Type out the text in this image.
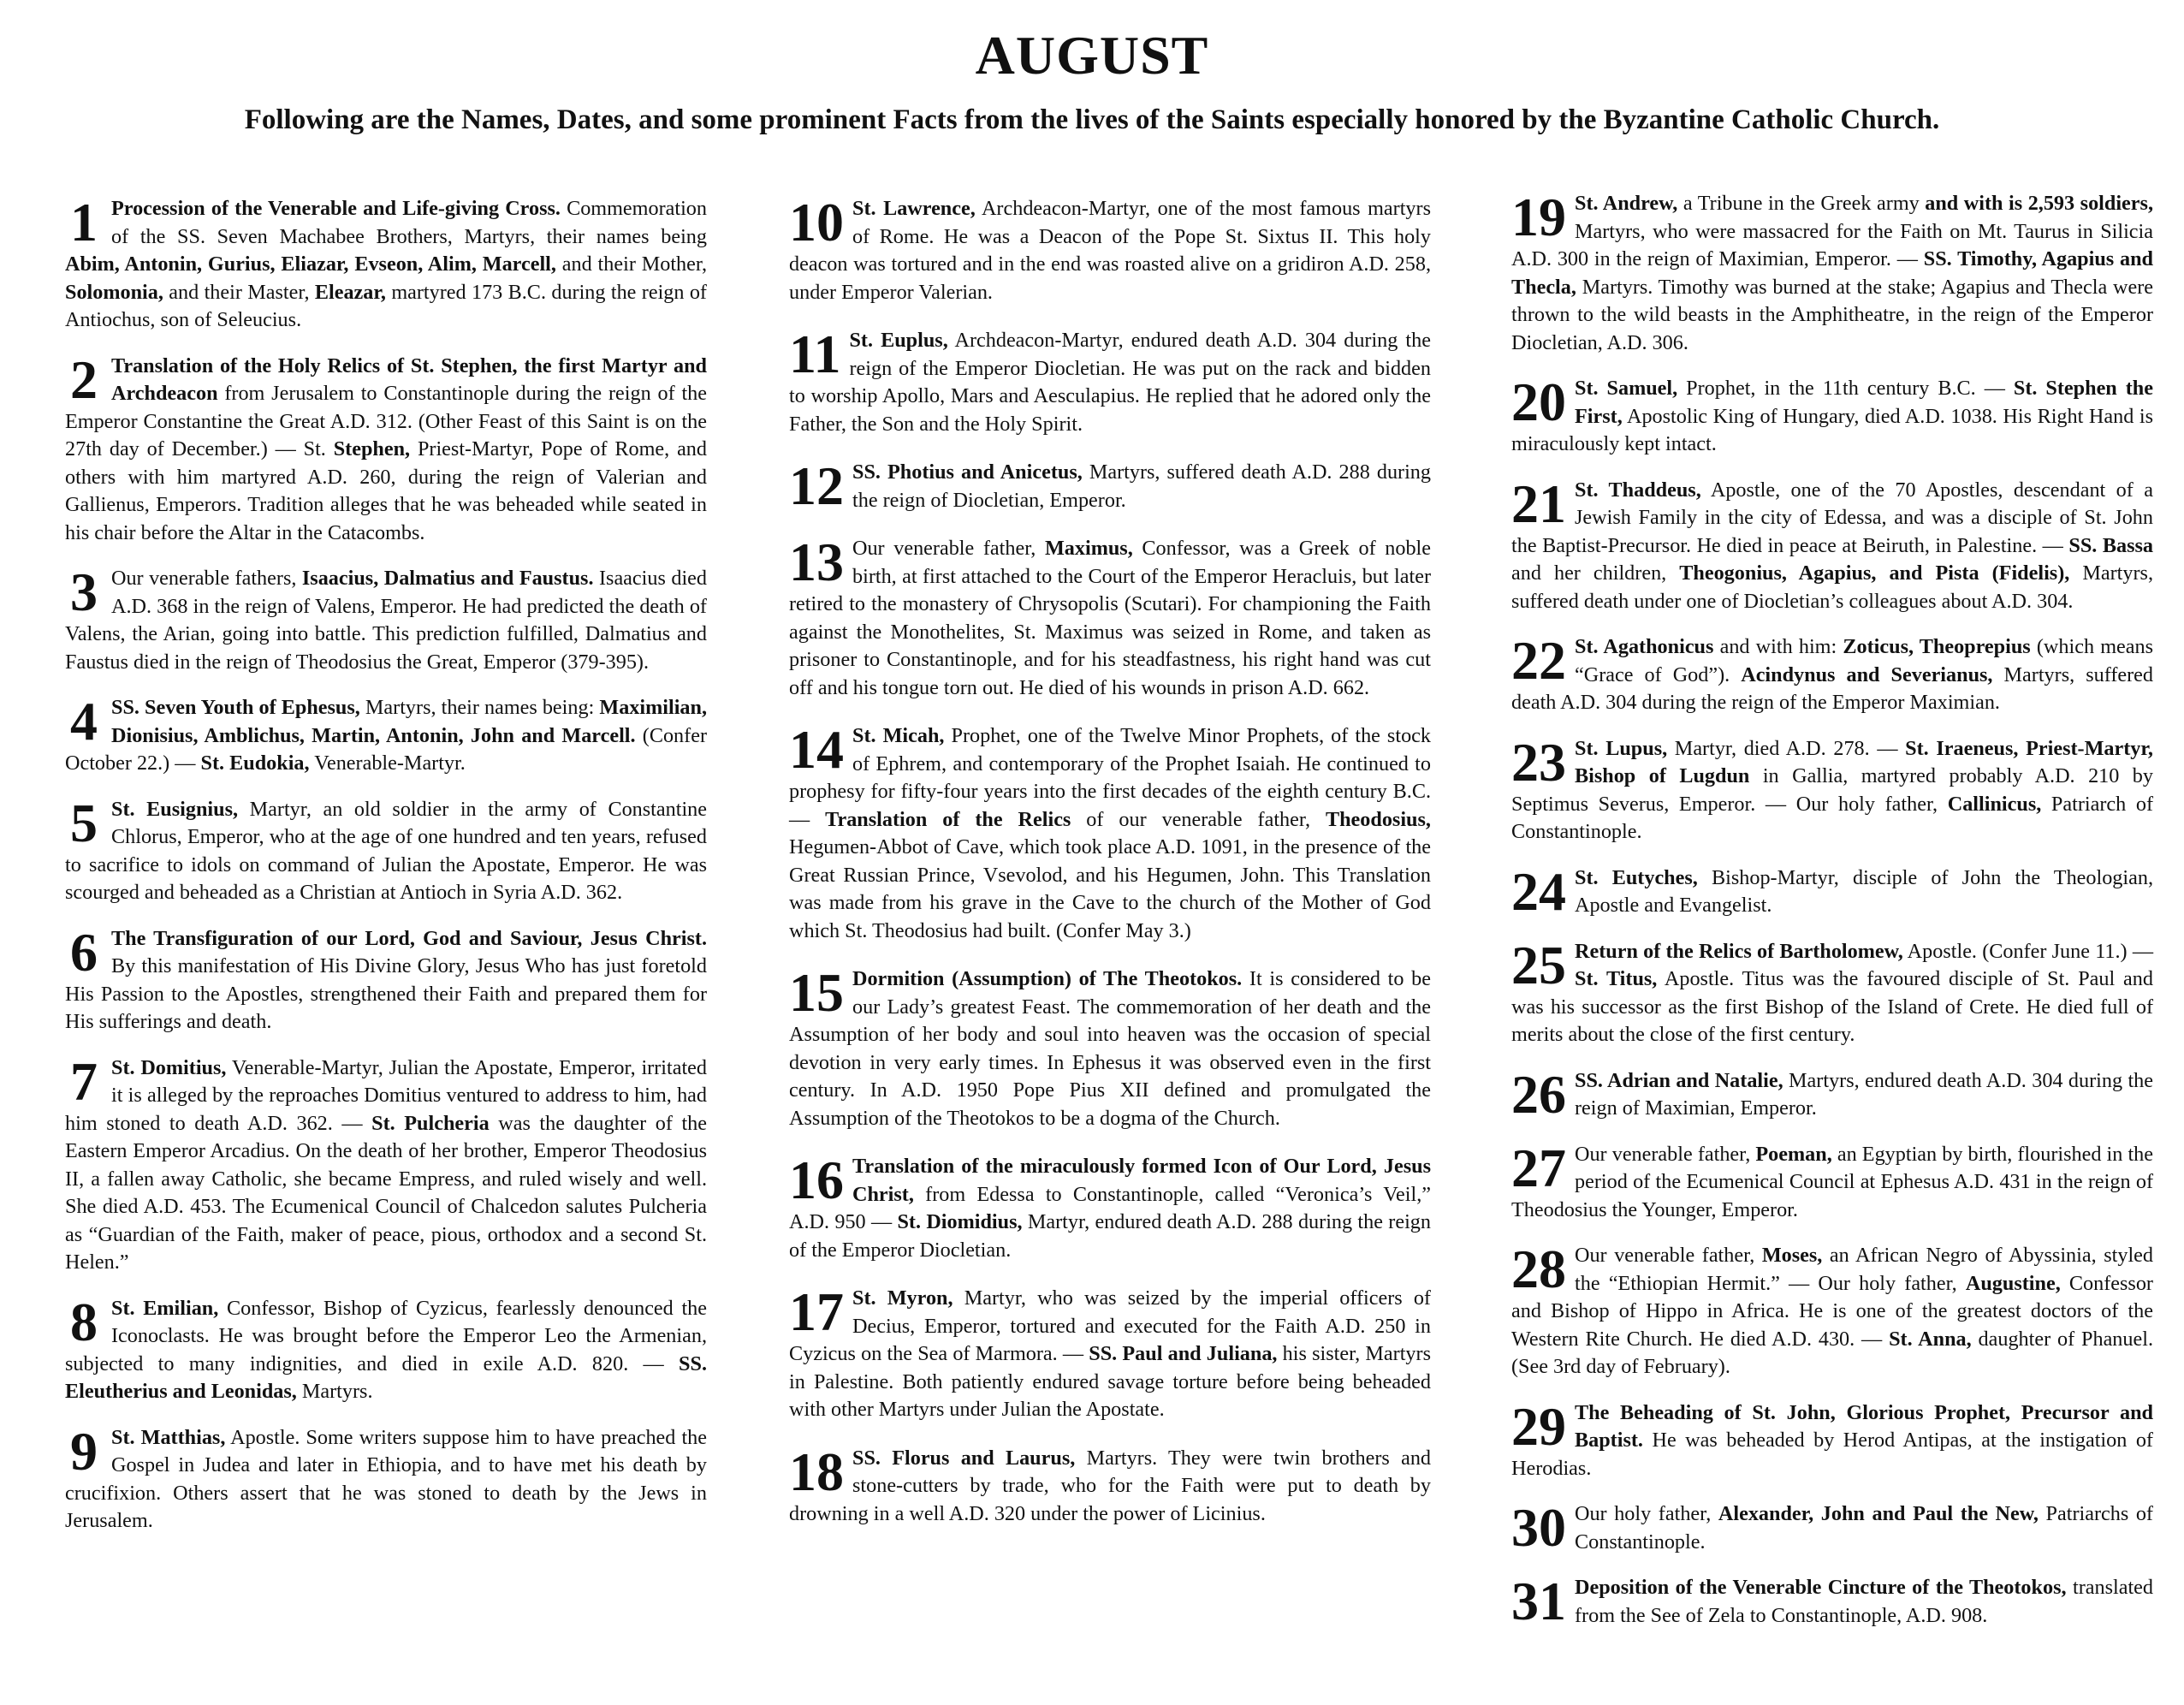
AUGUST
Following are the Names, Dates, and some prominent Facts from the lives of the Saints especially honored by the Byzantine Catholic Church.
1 Procession of the Venerable and Life-giving Cross. Commemoration of the SS. Seven Machabee Brothers, Martyrs, their names being Abim, Antonin, Gurius, Eliazar, Evseon, Alim, Marcell, and their Mother, Solomonia, and their Master, Eleazar, martyred 173 B.C. during the reign of Antiochus, son of Seleucius.
2 Translation of the Holy Relics of St. Stephen, the first Martyr and Archdeacon from Jerusalem to Constantinople during the reign of the Emperor Constantine the Great A.D. 312. (Other Feast of this Saint is on the 27th day of December.) — St. Stephen, Priest-Martyr, Pope of Rome, and others with him martyred A.D. 260, during the reign of Valerian and Gallienus, Emperors. Tradition alleges that he was beheaded while seated in his chair before the Altar in the Catacombs.
3 Our venerable fathers, Isaacius, Dalmatius and Faustus. Isaacius died A.D. 368 in the reign of Valens, Emperor. He had predicted the death of Valens, the Arian, going into battle. This prediction fulfilled, Dalmatius and Faustus died in the reign of Theodosius the Great, Emperor (379-395).
4 SS. Seven Youth of Ephesus, Martyrs, their names being: Maximilian, Dionisius, Amblichus, Martin, Antonin, John and Marcell. (Confer October 22.) — St. Eudokia, Venerable-Martyr.
5 St. Eusignius, Martyr, an old soldier in the army of Constantine Chlorus, Emperor, who at the age of one hundred and ten years, refused to sacrifice to idols on command of Julian the Apostate, Emperor. He was scourged and beheaded as a Christian at Antioch in Syria A.D. 362.
6 The Transfiguration of our Lord, God and Saviour, Jesus Christ. By this manifestation of His Divine Glory, Jesus Who has just foretold His Passion to the Apostles, strengthened their Faith and prepared them for His sufferings and death.
7 St. Domitius, Venerable-Martyr, Julian the Apostate, Emperor, irritated it is alleged by the reproaches Domitius ventured to address to him, had him stoned to death A.D. 362. — St. Pulcheria was the daughter of the Eastern Emperor Arcadius. On the death of her brother, Emperor Theodosius II, a fallen away Catholic, she became Empress, and ruled wisely and well. She died A.D. 453. The Ecumenical Council of Chalcedon salutes Pulcheria as “Guardian of the Faith, maker of peace, pious, orthodox and a second St. Helen.”
8 St. Emilian, Confessor, Bishop of Cyzicus, fearlessly denounced the Iconoclasts. He was brought before the Emperor Leo the Armenian, subjected to many indignities, and died in exile A.D. 820. — SS. Eleutherius and Leonidas, Martyrs.
9 St. Matthias, Apostle. Some writers suppose him to have preached the Gospel in Judea and later in Ethiopia, and to have met his death by crucifixion. Others assert that he was stoned to death by the Jews in Jerusalem.
10 St. Lawrence, Archdeacon-Martyr, one of the most famous martyrs of Rome. He was a Deacon of the Pope St. Sixtus II. This holy deacon was tortured and in the end was roasted alive on a gridiron A.D. 258, under Emperor Valerian.
11 St. Euplus, Archdeacon-Martyr, endured death A.D. 304 during the reign of the Emperor Diocletian. He was put on the rack and bidden to worship Apollo, Mars and Aesculapius. He replied that he adored only the Father, the Son and the Holy Spirit.
12 SS. Photius and Anicetus, Martyrs, suffered death A.D. 288 during the reign of Diocletian, Emperor.
13 Our venerable father, Maximus, Confessor, was a Greek of noble birth, at first attached to the Court of the Emperor Heracluis, but later retired to the monastery of Chrysopolis (Scutari). For championing the Faith against the Monothelites, St. Maximus was seized in Rome, and taken as prisoner to Constantinople, and for his steadfastness, his right hand was cut off and his tongue torn out. He died of his wounds in prison A.D. 662.
14 St. Micah, Prophet, one of the Twelve Minor Prophets, of the stock of Ephrem, and contemporary of the Prophet Isaiah. He continued to prophesy for fifty-four years into the first decades of the eighth century B.C. — Translation of the Relics of our venerable father, Theodosius, Hegumen-Abbot of Cave, which took place A.D. 1091, in the presence of the Great Russian Prince, Vsevolod, and his Hegumen, John. This Translation was made from his grave in the Cave to the church of the Mother of God which St. Theodosius had built. (Confer May 3.)
15 Dormition (Assumption) of The Theotokos. It is considered to be our Lady’s greatest Feast. The commemoration of her death and the Assumption of her body and soul into heaven was the occasion of special devotion in very early times. In Ephesus it was observed even in the first century. In A.D. 1950 Pope Pius XII defined and promulgated the Assumption of the Theotokos to be a dogma of the Church.
16 Translation of the miraculously formed Icon of Our Lord, Jesus Christ, from Edessa to Constantinople, called “Veronica’s Veil,” A.D. 950 — St. Diomidius, Martyr, endured death A.D. 288 during the reign of the Emperor Diocletian.
17 St. Myron, Martyr, who was seized by the imperial officers of Decius, Emperor, tortured and executed for the Faith A.D. 250 in Cyzicus on the Sea of Marmora. — SS. Paul and Juliana, his sister, Martyrs in Palestine. Both patiently endured savage torture before being beheaded with other Martyrs under Julian the Apostate.
18 SS. Florus and Laurus, Martyrs. They were twin brothers and stone-cutters by trade, who for the Faith were put to death by drowning in a well A.D. 320 under the power of Licinius.
19 St. Andrew, a Tribune in the Greek army and with is 2,593 soldiers, Martyrs, who were massacred for the Faith on Mt. Taurus in Silicia A.D. 300 in the reign of Maximian, Emperor. — SS. Timothy, Agapius and Thecla, Martyrs. Timothy was burned at the stake; Agapius and Thecla were thrown to the wild beasts in the Amphitheatre, in the reign of the Emperor Diocletian, A.D. 306.
20 St. Samuel, Prophet, in the 11th century B.C. — St. Stephen the First, Apostolic King of Hungary, died A.D. 1038. His Right Hand is miraculously kept intact.
21 St. Thaddeus, Apostle, one of the 70 Apostles, descendant of a Jewish Family in the city of Edessa, and was a disciple of St. John the Baptist-Precursor. He died in peace at Beiruth, in Palestine. — SS. Bassa and her children, Theogonius, Agapius, and Pista (Fidelis), Martyrs, suffered death under one of Diocletian’s colleagues about A.D. 304.
22 St. Agathonicus and with him: Zoticus, Theoprepius (which means “Grace of God”). Acindynus and Severianus, Martyrs, suffered death A.D. 304 during the reign of the Emperor Maximian.
23 St. Lupus, Martyr, died A.D. 278. — St. Iraeneus, Priest-Martyr, Bishop of Lugdun in Gallia, martyred probably A.D. 210 by Septimus Severus, Emperor. — Our holy father, Callinicus, Patriarch of Constantinople.
24 St. Eutyches, Bishop-Martyr, disciple of John the Theologian, Apostle and Evangelist.
25 Return of the Relics of Bartholomew, Apostle. (Confer June 11.) — St. Titus, Apostle. Titus was the favoured disciple of St. Paul and was his successor as the first Bishop of the Island of Crete. He died full of merits about the close of the first century.
26 SS. Adrian and Natalie, Martyrs, endured death A.D. 304 during the reign of Maximian, Emperor.
27 Our venerable father, Poeman, an Egyptian by birth, flourished in the period of the Ecumenical Council at Ephesus A.D. 431 in the reign of Theodosius the Younger, Emperor.
28 Our venerable father, Moses, an African Negro of Abyssinia, styled the “Ethiopian Hermit.” — Our holy father, Augustine, Confessor and Bishop of Hippo in Africa. He is one of the greatest doctors of the Western Rite Church. He died A.D. 430. — St. Anna, daughter of Phanuel. (See 3rd day of February).
29 The Beheading of St. John, Glorious Prophet, Precursor and Baptist. He was beheaded by Herod Antipas, at the instigation of Herodias.
30 Our holy father, Alexander, John and Paul the New, Patriarchs of Constantinople.
31 Deposition of the Venerable Cincture of the Theotokos, translated from the See of Zela to Constantinople, A.D. 908.
